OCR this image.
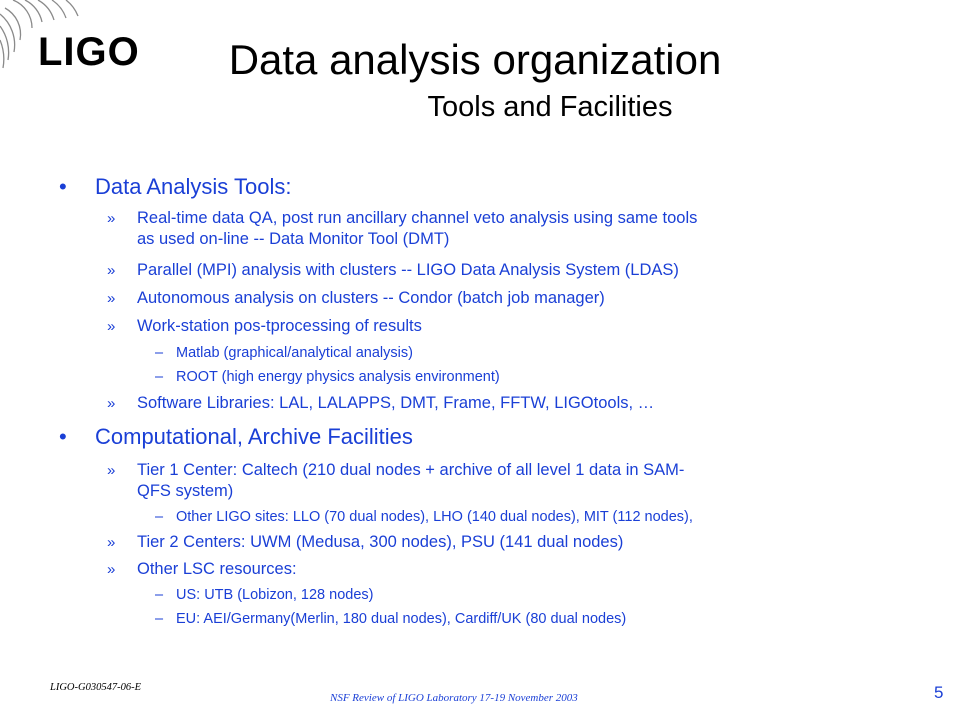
LIGO	Data analysis organization
Tools and Facilities
• Data Analysis Tools:
» Real-time data QA, post run ancillary channel veto analysis using same tools
as used on-line -- Data Monitor Tool (DMT)
» Parallel (MPI) analysis with clusters -- LIGO Data Analysis System (LDAS)
» Autonomous analysis on clusters -- Condor (batch job manager)
» Work-station pos-tprocessing of results
– Matlab (graphical/analytical analysis)
– ROOT (high energy physics analysis environment)
» Software Libraries: LAL, LALAPPS, DMT, Frame, FFTW, LIGOtools, …
• Computational, Archive Facilities
» Tier 1 Center: Caltech (210 dual nodes + archive of all level 1 data in SAM-
QFS system)
– Other LIGO sites: LLO (70 dual nodes), LHO (140 dual nodes), MIT (112 nodes),
» Tier 2 Centers: UWM (Medusa, 300 nodes), PSU (141 dual nodes)
» Other LSC resources:
– US: UTB (Lobizon, 128 nodes)
– EU: AEI/Germany(Merlin, 180 dual nodes), Cardiff/UK (80 dual nodes)
LIGO-G030547-06-E
NSF Review of LIGO Laboratory 17-19 November 2003	5
